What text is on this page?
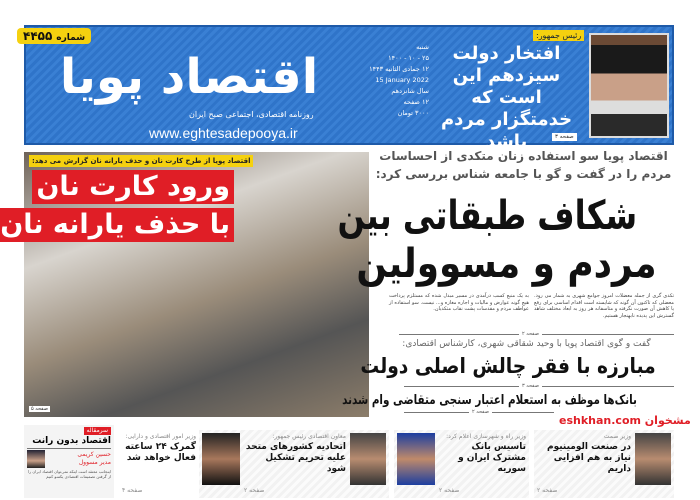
اقتصاد پویا
روزنامه اقتصادی، اجتماعی صبح ایران
www.eghtesadepooya.ir
شماره
۴۴۵۵
شنبه
۲۵ - ۱۰ - ۱۴۰۰
۱۲ جمادی الثانیه ۱۴۴۳
15 January 2022
سال شانزدهم
۱۲ صفحه
۳۰۰۰ تومان
رئیس جمهور:
افتخار دولت سیزدهم این است که خدمتگزار مردم باشد	صفحه ۳
اقتصاد پویا از طرح کارت نان و حذف یارانه نان گزارش می دهد:
ورود کارت نان
با حذف یارانه نان
صفحه ۵
اقتصاد پویا سو استفاده زنان متکدی از احساسات مردم را در گفت و گو با جامعه شناس بررسی کرد:
شکاف طبقاتی بین
مردم و مسوولین
تکدی گری از جمله معضلات امروز جوامع شهری به شمار می رود. معضلی که تاکنون آن گونه که شایسته است اقدام اساسی برای رفع یا کاهش آن صورت نگرفته و متاسفانه هر روز به ابعاد مختلف شاهد گسترش این پدیده نابهنجار هستیم.
به یک منبع کسب درآمدی در مسیر مبدل شده که مستلزم پرداخت هیچ گونه عوارض و مالیات و اجاره مغازه و... نیست. سو استفاده از عواطف مردم و مقدسات پشت نقاب متکدیان.
صفحه ۲
گفت و گوی اقتصاد پویا با وحید شقاقی شهری، کارشناس اقتصادی:
مبارزه با فقر چالش اصلی دولت
صفحه ۳
بانک‌ها موظف به استعلام اعتبار سنجی متقاضی وام شدند
صفحه ۲
مشخوان eshkhan.com
وزیر صمت
در صنعت الومینیوم نیاز به هم افزایی داریم
صفحه ۲
وزیر راه و شهرسازی اعلام کرد:
تاسیس بانک مشترک ایران و سوریه
صفحه ۲
معاون اقتصادی رئیس جمهور:
اتحادیه کشورهای متحد علیه تحریم تشکیل شود
صفحه ۲
وزیر امور اقتصادی و دارایی:
گمرک ۲۴ ساعته فعال خواهد شد
صفحه ۴
سرمقاله
اقتصاد بدون رانت
حسین کریمی
مدیر مسوول
اینجانب معتقد است اینکه نمی‌توان اقتصاد ایران را از گرفتن تصمیمات اقتصادی یکسو کنیم
